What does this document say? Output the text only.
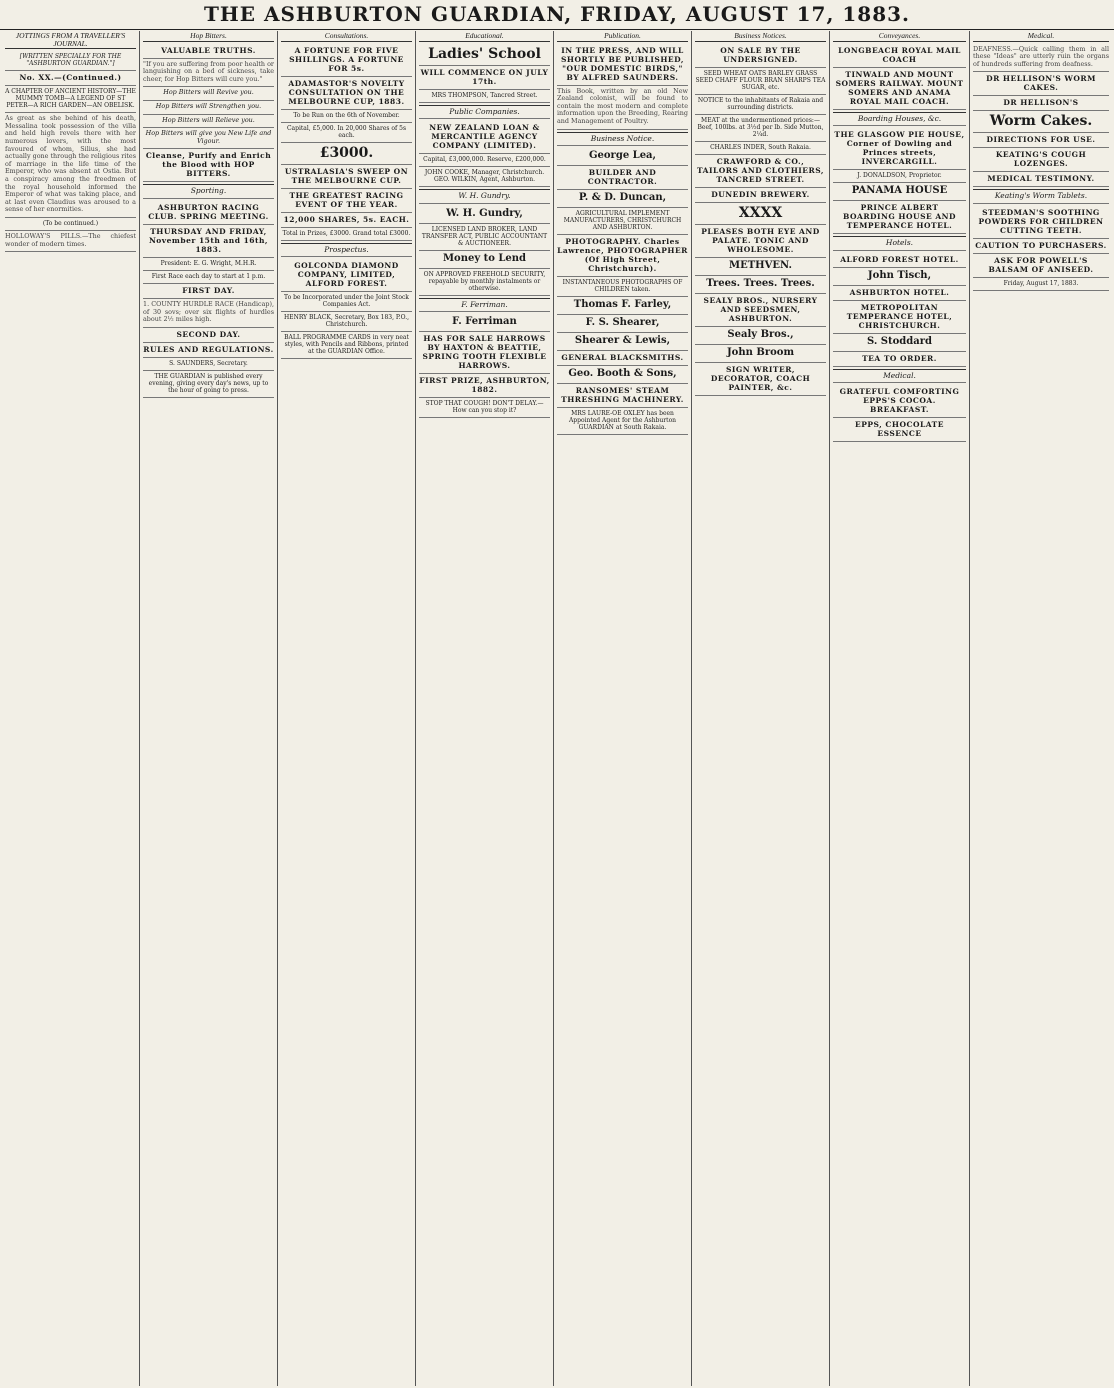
THE ASHBURTON GUARDIAN, FRIDAY, AUGUST 17, 1883.
JOTTINGS FROM A TRAVELLER'S JOURNAL.
[WRITTEN SPECIALLY FOR THE "ASHBURTON GUARDIAN."]
No. XX.—(Continued.)
A CHAPTER OF ANCIENT HISTORY—THE MUMMY TOMB—A LEGEND OF ST PETER—A RICH GARDEN—AN OBELISK.
As great as she behind of his death, Messalina took possession of the villa and held high revels there with her numerous lovers, with the most favoured of whom, Silius, she had actually gone through the religious rites of marriage in the life time of the Emperor, who was absent at Ostia. But a conspiracy among the freedmen of the royal household informed the Emperor of what was taking place, and at last even Claudius was aroused to a sense of her enormities.
(To be continued.)
HOLLOWAY'S PILLS.—The chiefest wonder of modern times.
Hop Bitters.
VALUABLE TRUTHS.
"If you are suffering from poor health or languishing on a bed of sickness, take cheer, for Hop Bitters will cure you."
Hop Bitters will Revive you.
Hop Bitters will Strengthen you.
Hop Bitters will Relieve you.
Hop Bitters will give you New Life and Vigour.
Cleanse, Purify and Enrich the Blood with HOP BITTERS.
Sporting.
ASHBURTON RACING CLUB. SPRING MEETING.
THURSDAY AND FRIDAY, November 15th and 16th, 1883.
President: E. G. Wright, M.H.R.
First Race each day to start at 1 p.m.
FIRST DAY.
1. COUNTY HURDLE RACE (Handicap), of 30 sovs; over six flights of hurdles about 2½ miles high.
SECOND DAY.
RULES AND REGULATIONS.
S. SAUNDERS, Secretary.
THE GUARDIAN is published every evening, giving every day's news, up to the hour of going to press.
Consultations.
A FORTUNE FOR FIVE SHILLINGS. A FORTUNE FOR 5s.
ADAMASTOR'S NOVELTY CONSULTATION ON THE MELBOURNE CUP, 1883.
To be Run on the 6th of November.
Capital, £5,000. In 20,000 Shares of 5s each.
£3000.
USTRALASIA'S SWEEP ON THE MELBOURNE CUP.
THE GREATEST RACING EVENT OF THE YEAR.
12,000 SHARES, 5s. EACH.
Total in Prizes, £3000. Grand total £3000.
Prospectus.
GOLCONDA DIAMOND COMPANY, LIMITED, ALFORD FOREST.
To be Incorporated under the Joint Stock Companies Act.
HENRY BLACK, Secretary, Box 183, P.O., Christchurch.
BALL PROGRAMME CARDS in very neat styles, with Pencils and Ribbons, printed at the GUARDIAN Office.
Educational.
Ladies' School
WILL COMMENCE ON JULY 17th.
MRS THOMPSON, Tancred Street.
Public Companies.
NEW ZEALAND LOAN & MERCANTILE AGENCY COMPANY (LIMITED).
Capital, £3,000,000. Reserve, £200,000.
JOHN COOKE, Manager, Christchurch. GEO. WILKIN, Agent, Ashburton.
W. H. Gundry.
W. H. Gundry,
LICENSED LAND BROKER, LAND TRANSFER ACT, PUBLIC ACCOUNTANT & AUCTIONEER.
Money to Lend
ON APPROVED FREEHOLD SECURITY, repayable by monthly instalments or otherwise.
F. Ferriman.
F. Ferriman
HAS FOR SALE HARROWS BY HAXTON & BEATTIE, SPRING TOOTH FLEXIBLE HARROWS.
FIRST PRIZE, ASHBURTON, 1882.
STOP THAT COUGH! DON'T DELAY.—How can you stop it?
Publication.
IN THE PRESS, AND WILL SHORTLY BE PUBLISHED, "OUR DOMESTIC BIRDS," BY ALFRED SAUNDERS.
This Book, written by an old New Zealand colonist, will be found to contain the most modern and complete information upon the Breeding, Rearing and Management of Poultry.
Business Notice.
George Lea,
BUILDER AND CONTRACTOR.
P. & D. Duncan,
AGRICULTURAL IMPLEMENT MANUFACTURERS, CHRISTCHURCH AND ASHBURTON.
PHOTOGRAPHY. Charles Lawrence, PHOTOGRAPHER (Of High Street, Christchurch).
INSTANTANEOUS PHOTOGRAPHS OF CHILDREN taken.
Thomas F. Farley,
F. S. Shearer,
Shearer & Lewis,
GENERAL BLACKSMITHS.
Geo. Booth & Sons,
RANSOMES' STEAM THRESHING MACHINERY.
MRS LAURE-OE OXLEY has been Appointed Agent for the Ashburton GUARDIAN at South Rakaia.
Business Notices.
ON SALE BY THE UNDERSIGNED.
SEED WHEAT OATS BARLEY GRASS SEED CHAFF FLOUR BRAN SHARPS TEA SUGAR, etc.
NOTICE to the inhabitants of Rakaia and surrounding districts.
MEAT at the undermentioned prices:— Beef, 100lbs. at 3½d per lb. Side Mutton, 2¼d.
CHARLES INDER, South Rakaia.
CRAWFORD & CO., TAILORS AND CLOTHIERS, TANCRED STREET.
DUNEDIN BREWERY.
XXXX
PLEASES BOTH EYE AND PALATE. TONIC AND WHOLESOME.
METHVEN.
Trees. Trees. Trees.
SEALY BROS., NURSERY AND SEEDSMEN, ASHBURTON.
Sealy Bros.,
John Broom
SIGN WRITER, DECORATOR, COACH PAINTER, &c.
Conveyances.
LONGBEACH ROYAL MAIL COACH
TINWALD AND MOUNT SOMERS RAILWAY. MOUNT SOMERS AND ANAMA ROYAL MAIL COACH.
Boarding Houses, &c.
THE GLASGOW PIE HOUSE, Corner of Dowling and Princes streets, INVERCARGILL.
J. DONALDSON, Proprietor.
PANAMA HOUSE
PRINCE ALBERT BOARDING HOUSE AND TEMPERANCE HOTEL.
Hotels.
ALFORD FOREST HOTEL.
John Tisch,
ASHBURTON HOTEL.
METROPOLITAN TEMPERANCE HOTEL, CHRISTCHURCH.
S. Stoddard
TEA TO ORDER.
Medical.
GRATEFUL COMFORTING EPPS'S COCOA. BREAKFAST.
EPPS, CHOCOLATE ESSENCE
Medical.
DEAFNESS.—Quick calling them in all these "Ideas" are utterly ruin the organs of hundreds suffering from deafness.
DR HELLISON'S WORM CAKES.
DR HELLISON'S
Worm Cakes.
DIRECTIONS FOR USE.
KEATING'S COUGH LOZENGES.
MEDICAL TESTIMONY.
Keating's Worm Tablets.
STEEDMAN'S SOOTHING POWDERS FOR CHILDREN CUTTING TEETH.
CAUTION TO PURCHASERS.
ASK FOR POWELL'S BALSAM OF ANISEED.
Friday, August 17, 1883.
